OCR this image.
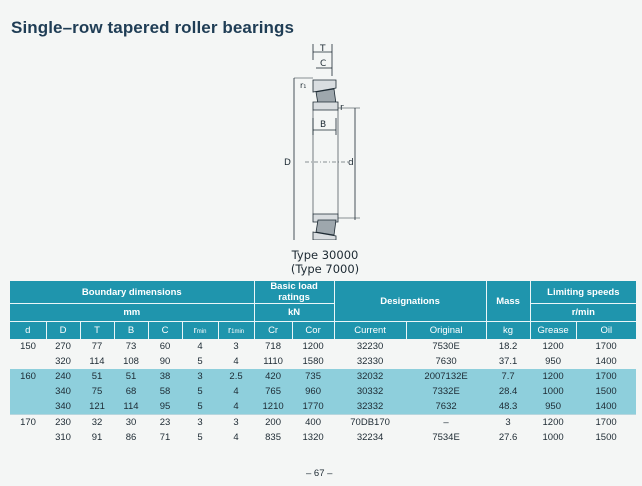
Single–row tapered roller bearings
T
C
r₁
r
B
D	d
Type 30000
(Type 7000)
Boundary dimensions							Basic load ratings		Designations		Mass	Limiting speeds	
mm							kN					r/min	
d	D	T	B	C	rmin	r1min	Cr	Cor	Current	Original	kg	Grease	Oil
150	270	77	73	60	4	3	718	1200	32230	7530E	18.2	1200	1700
	320	114	108	90	5	4	1110	1580	32330	7630	37.1	950	1400
160	240	51	51	38	3	2.5	420	735	32032	2007132E	7.7	1200	1700
	340	75	68	58	5	4	765	960	30332	7332E	28.4	1000	1500
	340	121	114	95	5	4	1210	1770	32332	7632	48.3	950	1400
170	230	32	30	23	3	3	200	400	70DB170	–	3	1200	1700
	310	91	86	71	5	4	835	1320	32234	7534E	27.6	1000	1500
– 67 –
